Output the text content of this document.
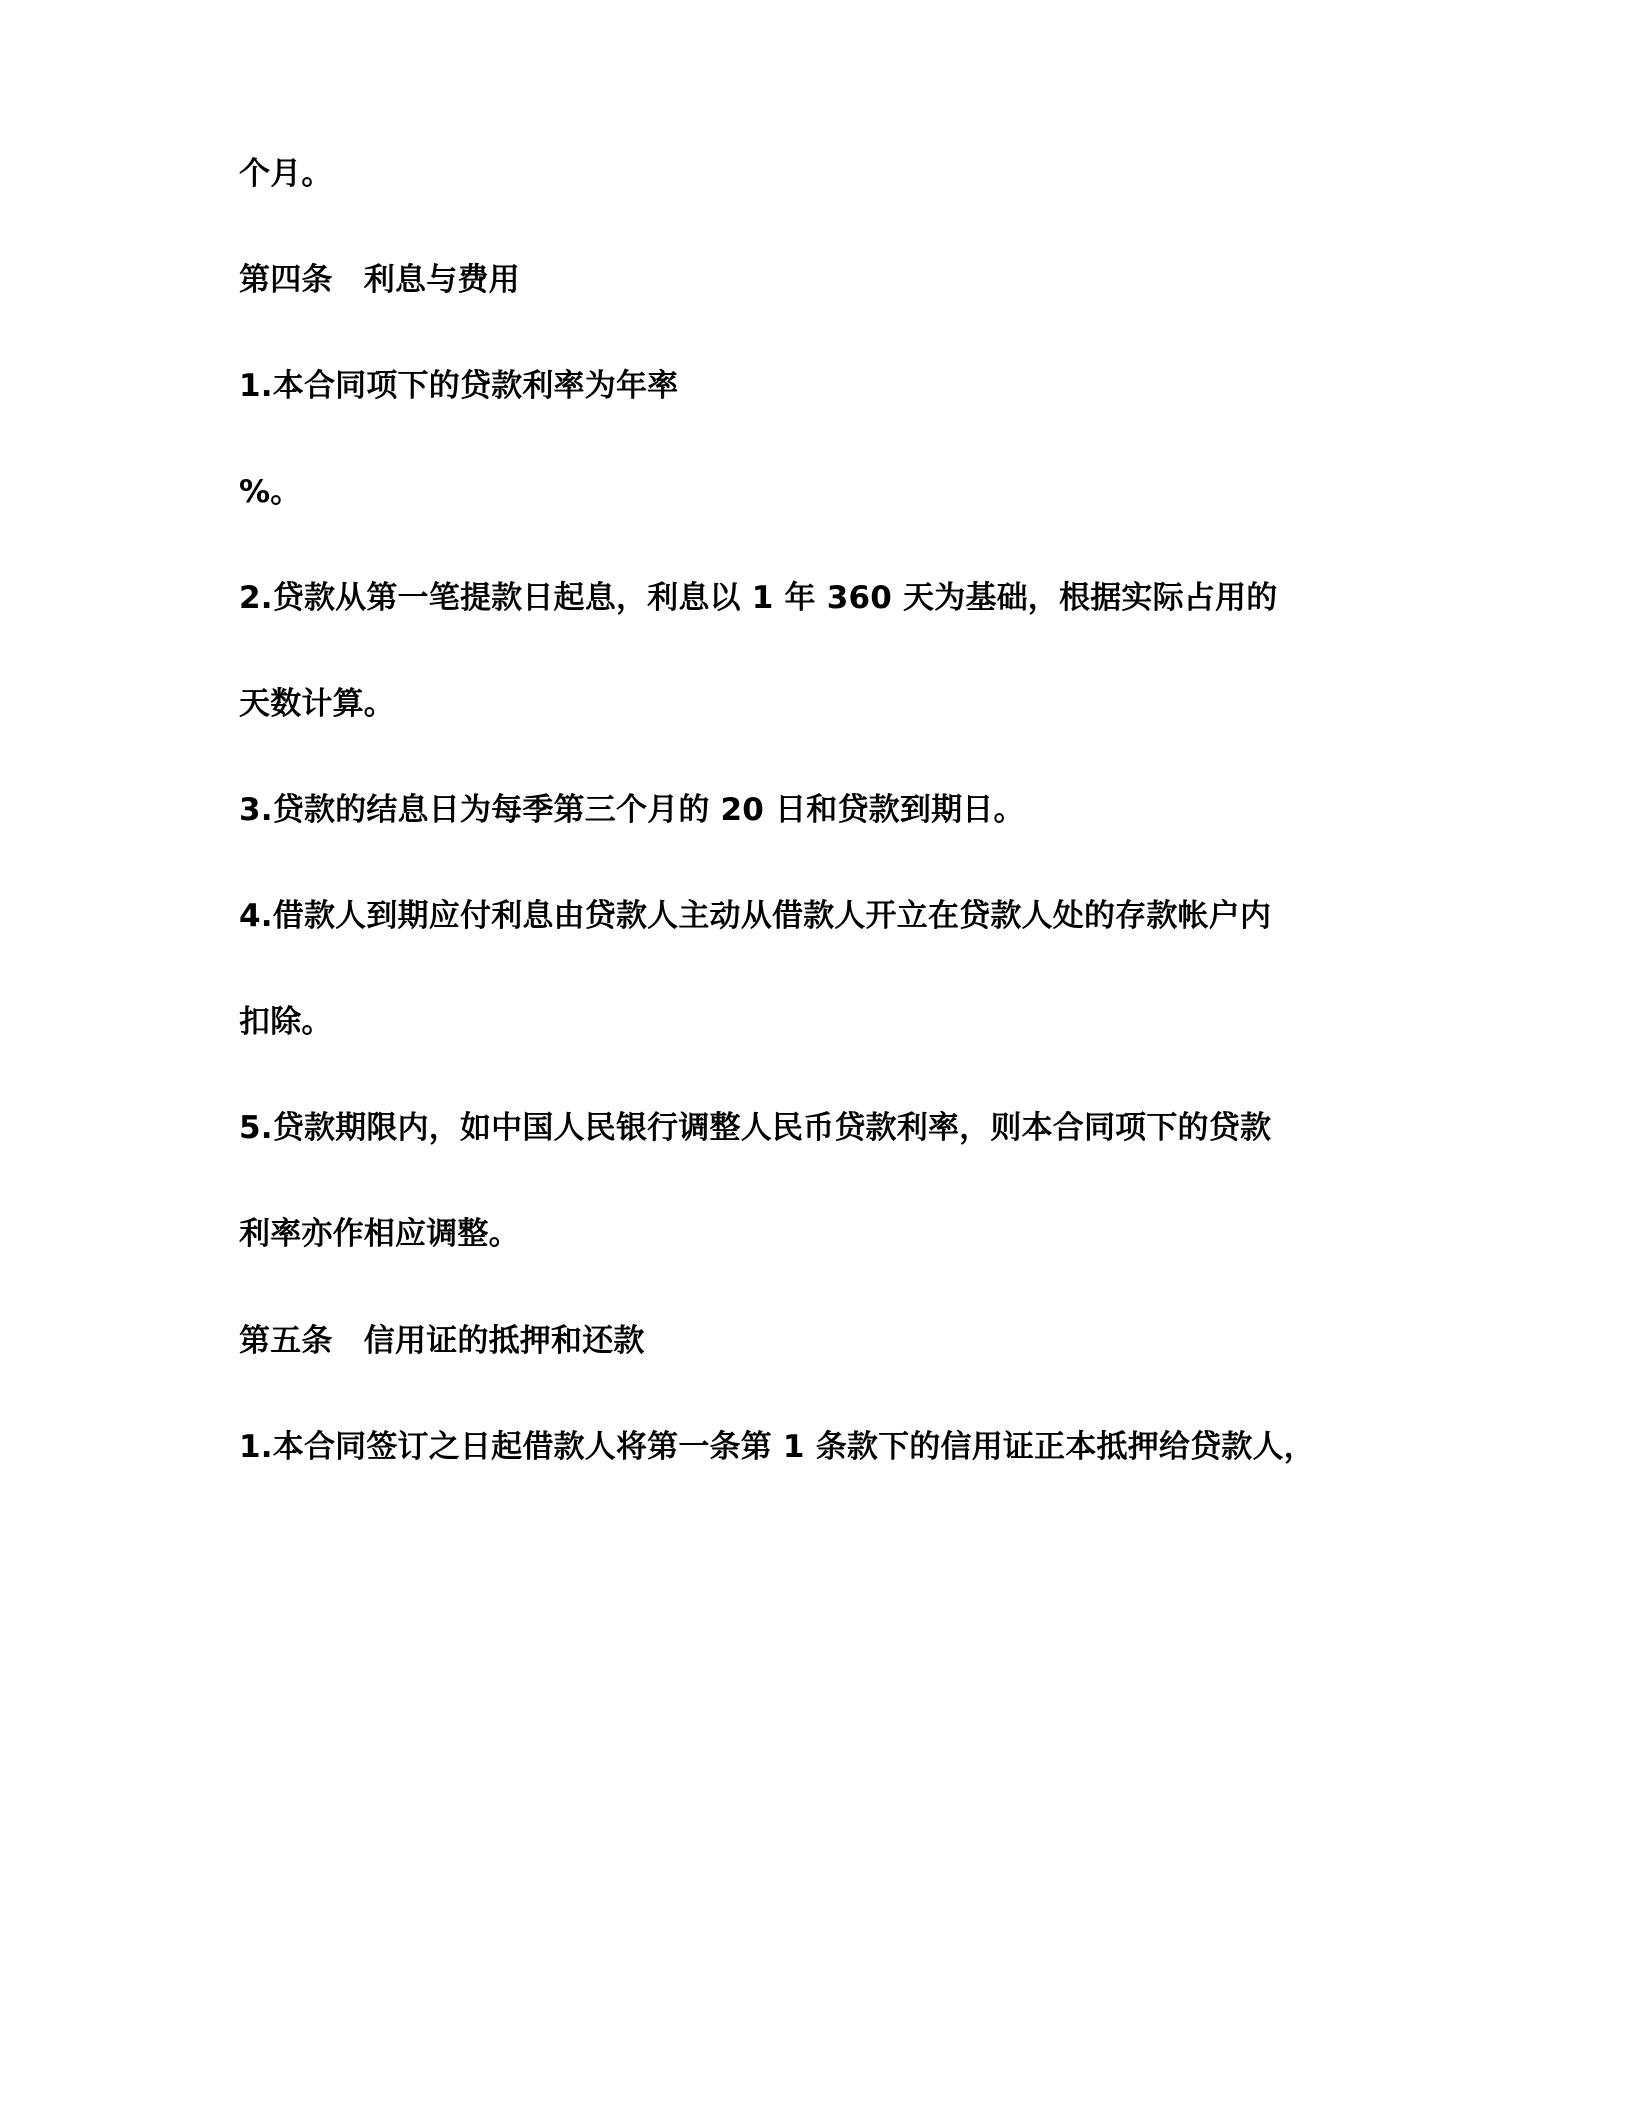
个月。

第四条　利息与费用

1.本合同项下的贷款利率为年率

%。

2.贷款从第一笔提款日起息，利息以 1 年 360 天为基础，根据实际占用的

天数计算。

3.贷款的结息日为每季第三个月的 20 日和贷款到期日。

4.借款人到期应付利息由贷款人主动从借款人开立在贷款人处的存款帐户内

扣除。

5.贷款期限内，如中国人民银行调整人民币贷款利率，则本合同项下的贷款

利率亦作相应调整。

第五条　信用证的抵押和还款

1.本合同签订之日起借款人将第一条第 1 条款下的信用证正本抵押给贷款人，
